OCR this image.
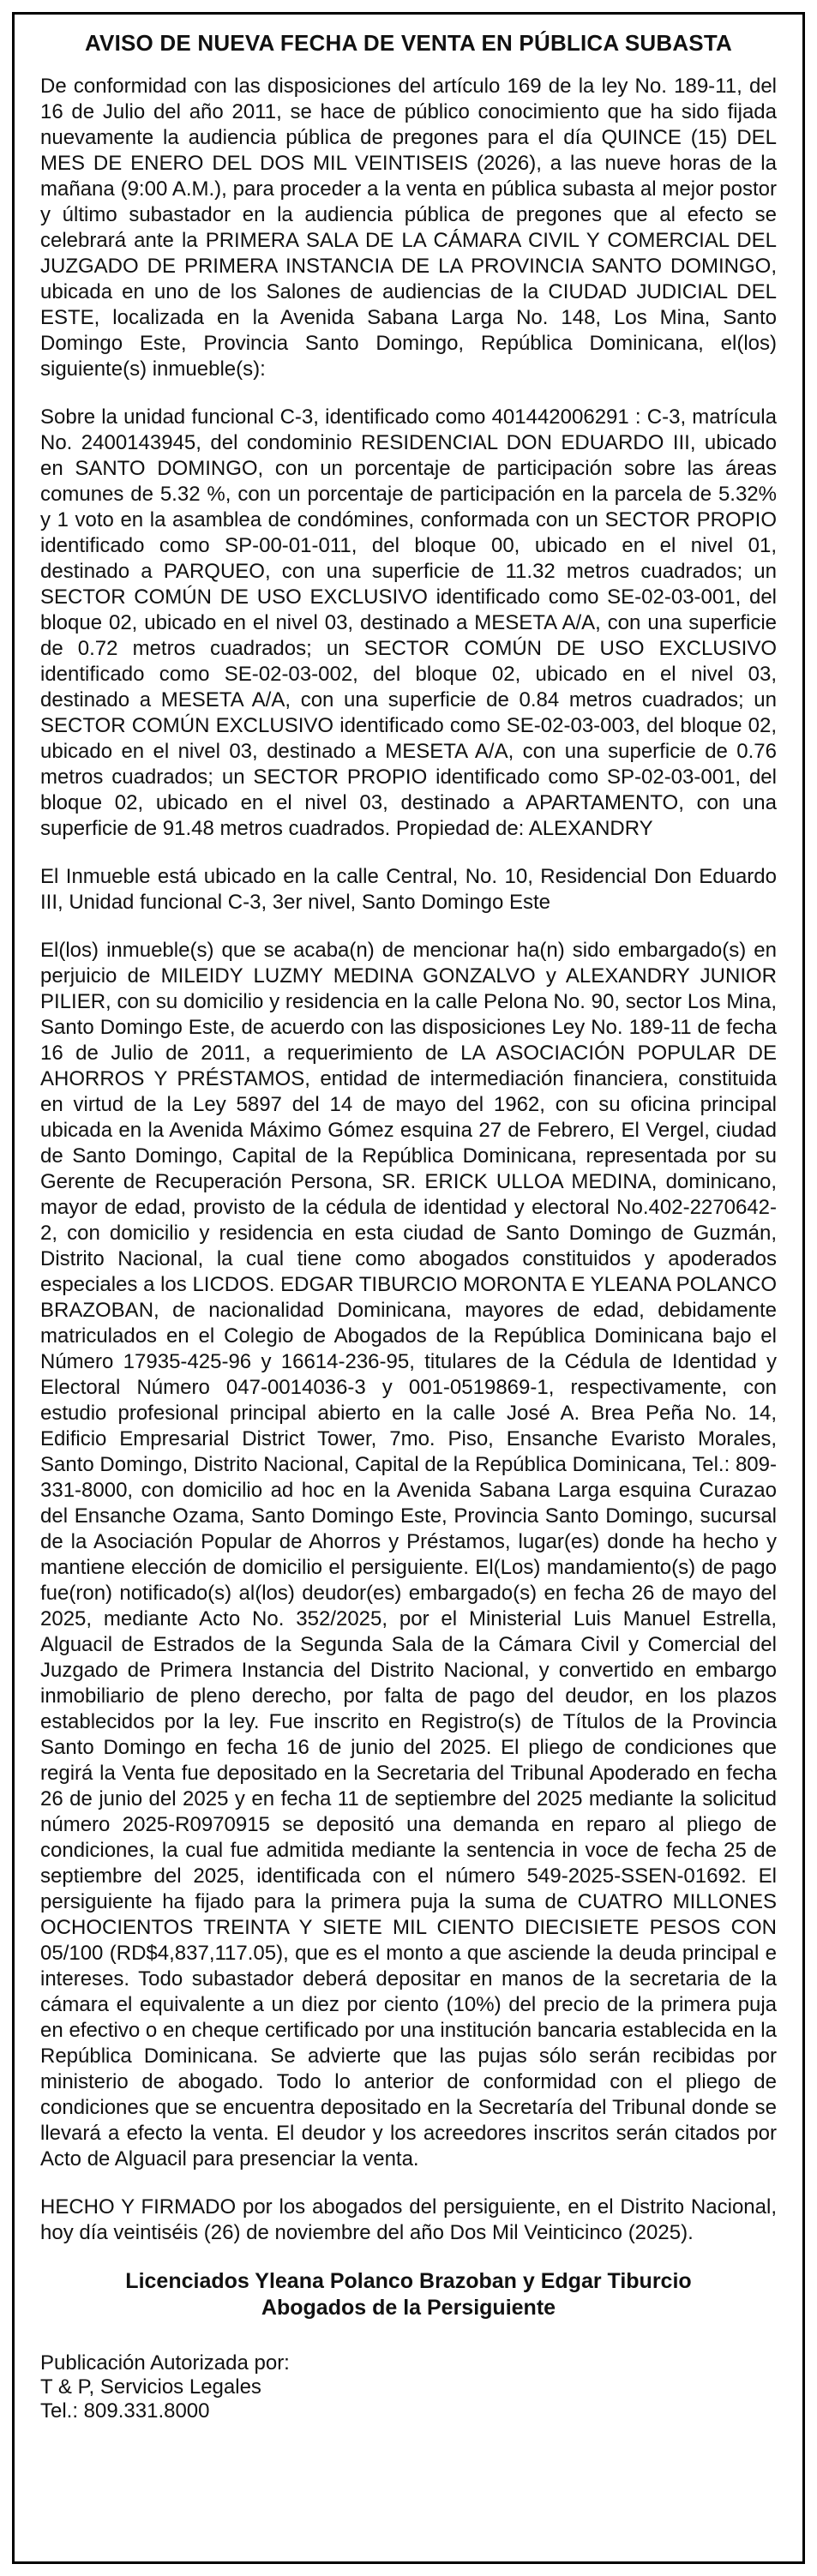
AVISO DE NUEVA FECHA DE VENTA EN PÚBLICA SUBASTA

De conformidad con las disposiciones del artículo 169 de la ley No. 189-11, del 16 de Julio del año 2011, se hace de público conocimiento que ha sido fijada nuevamente la audiencia pública de pregones para el día QUINCE (15) DEL MES DE ENERO DEL DOS MIL VEINTISEIS (2026), a las nueve horas de la mañana (9:00 A.M.), para proceder a la venta en pública subasta al mejor postor y último subastador en la audiencia pública de pregones que al efecto se celebrará ante la PRIMERA SALA DE LA CÁMARA CIVIL Y COMERCIAL DEL JUZGADO DE PRIMERA INSTANCIA DE LA PROVINCIA SANTO DOMINGO, ubicada en uno de los Salones de audiencias de la CIUDAD JUDICIAL DEL ESTE, localizada en la Avenida Sabana Larga No. 148, Los Mina, Santo Domingo Este, Provincia Santo Domingo, República Dominicana, el(los) siguiente(s) inmueble(s):

Sobre la unidad funcional C-3, identificado como 401442006291 : C-3, matrícula No. 2400143945, del condominio RESIDENCIAL DON EDUARDO III, ubicado en SANTO DOMINGO, con un porcentaje de participación sobre las áreas comunes de 5.32 %, con un porcentaje de participación en la parcela de 5.32% y 1 voto en la asamblea de condómines, conformada con un SECTOR PROPIO identificado como SP-00-01-011, del bloque 00, ubicado en el nivel 01, destinado a PARQUEO, con una superficie de 11.32 metros cuadrados; un SECTOR COMÚN DE USO EXCLUSIVO identificado como SE-02-03-001, del bloque 02, ubicado en el nivel 03, destinado a MESETA A/A, con una superficie de 0.72 metros cuadrados; un SECTOR COMÚN DE USO EXCLUSIVO identificado como SE-02-03-002, del bloque 02, ubicado en el nivel 03, destinado a MESETA A/A, con una superficie de 0.84 metros cuadrados; un SECTOR COMÚN EXCLUSIVO identificado como SE-02-03-003, del bloque 02, ubicado en el nivel 03, destinado a MESETA A/A, con una superficie de 0.76 metros cuadrados; un SECTOR PROPIO identificado como SP-02-03-001, del bloque 02, ubicado en el nivel 03, destinado a APARTAMENTO, con una superficie de 91.48 metros cuadrados. Propiedad de: ALEXANDRY

El Inmueble está ubicado en la calle Central, No. 10, Residencial Don Eduardo III, Unidad funcional C-3, 3er nivel, Santo Domingo Este

El(los) inmueble(s) que se acaba(n) de mencionar ha(n) sido embargado(s) en perjuicio de MILEIDY LUZMY MEDINA GONZALVO y ALEXANDRY JUNIOR PILIER, con su domicilio y residencia en la calle Pelona No. 90, sector Los Mina, Santo Domingo Este, de acuerdo con las disposiciones Ley No. 189-11 de fecha 16 de Julio de 2011, a requerimiento de LA ASOCIACIÓN POPULAR DE AHORROS Y PRÉSTAMOS, entidad de intermediación financiera, constituida en virtud de la Ley 5897 del 14 de mayo del 1962, con su oficina principal ubicada en la Avenida Máximo Gómez esquina 27 de Febrero, El Vergel, ciudad de Santo Domingo, Capital de la República Dominicana, representada por su Gerente de Recuperación Persona, SR. ERICK ULLOA MEDINA, dominicano, mayor de edad, provisto de la cédula de identidad y electoral No.402-2270642-2, con domicilio y residencia en esta ciudad de Santo Domingo de Guzmán, Distrito Nacional, la cual tiene como abogados constituidos y apoderados especiales a los LICDOS. EDGAR TIBURCIO MORONTA E YLEANA POLANCO BRAZOBAN, de nacionalidad Dominicana, mayores de edad, debidamente matriculados en el Colegio de Abogados de la República Dominicana bajo el Número 17935-425-96 y 16614-236-95, titulares de la Cédula de Identidad y Electoral Número 047-0014036-3 y 001-0519869-1, respectivamente, con estudio profesional principal abierto en la calle José A. Brea Peña No. 14, Edificio Empresarial District Tower, 7mo. Piso, Ensanche Evaristo Morales, Santo Domingo, Distrito Nacional, Capital de la República Dominicana, Tel.: 809-331-8000, con domicilio ad hoc en la Avenida Sabana Larga esquina Curazao del Ensanche Ozama, Santo Domingo Este, Provincia Santo Domingo, sucursal de la Asociación Popular de Ahorros y Préstamos, lugar(es) donde ha hecho y mantiene elección de domicilio el persiguiente. El(Los) mandamiento(s) de pago fue(ron) notificado(s) al(los) deudor(es) embargado(s) en fecha 26 de mayo del 2025, mediante Acto No. 352/2025, por el Ministerial Luis Manuel Estrella, Alguacil de Estrados de la Segunda Sala de la Cámara Civil y Comercial del Juzgado de Primera Instancia del Distrito Nacional, y convertido en embargo inmobiliario de pleno derecho, por falta de pago del deudor, en los plazos establecidos por la ley. Fue inscrito en Registro(s) de Títulos de la Provincia Santo Domingo en fecha 16 de junio del 2025. El pliego de condiciones que regirá la Venta fue depositado en la Secretaria del Tribunal Apoderado en fecha 26 de junio del 2025 y en fecha 11 de septiembre del 2025 mediante la solicitud número 2025-R0970915 se depositó una demanda en reparo al pliego de condiciones, la cual fue admitida mediante la sentencia in voce de fecha 25 de septiembre del 2025, identificada con el número 549-2025-SSEN-01692. El persiguiente ha fijado para la primera puja la suma de CUATRO MILLONES OCHOCIENTOS TREINTA Y SIETE MIL CIENTO DIECISIETE PESOS CON 05/100 (RD$4,837,117.05), que es el monto a que asciende la deuda principal e intereses. Todo subastador deberá depositar en manos de la secretaria de la cámara el equivalente a un diez por ciento (10%) del precio de la primera puja en efectivo o en cheque certificado por una institución bancaria establecida en la República Dominicana. Se advierte que las pujas sólo serán recibidas por ministerio de abogado. Todo lo anterior de conformidad con el pliego de condiciones que se encuentra depositado en la Secretaría del Tribunal donde se llevará a efecto la venta. El deudor y los acreedores inscritos serán citados por Acto de Alguacil para presenciar la venta.

HECHO Y FIRMADO por los abogados del persiguiente, en el Distrito Nacional, hoy día veintiséis (26) de noviembre del año Dos Mil Veinticinco (2025).

Licenciados Yleana Polanco Brazoban y Edgar Tiburcio
Abogados de la Persiguiente
Publicación Autorizada por:
T & P, Servicios Legales
Tel.: 809.331.8000
